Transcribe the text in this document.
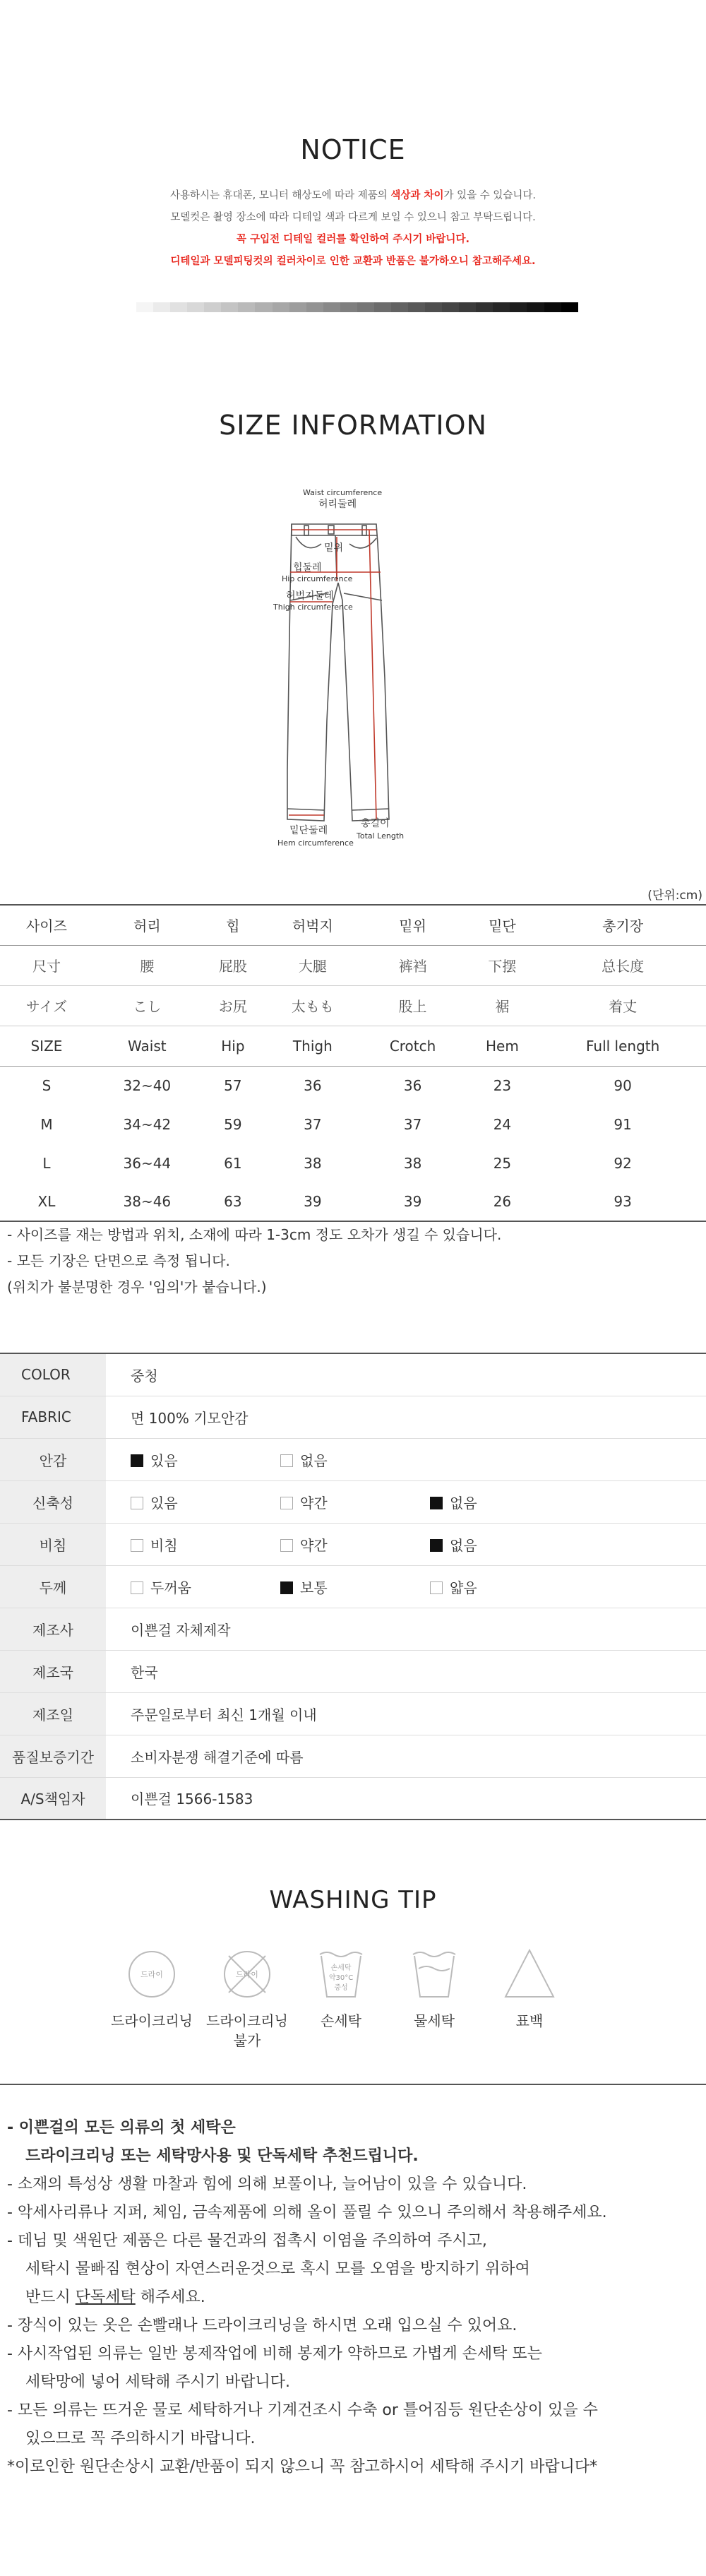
NOTICE
사용하시는 휴대폰, 모니터 해상도에 따라 제품의 색상과 차이가 있을 수 있습니다.
모델컷은 촬영 장소에 따라 디테일 색과 다르게 보일 수 있으니 참고 부탁드립니다.
꼭 구입전 디테일 컬러를 확인하여 주시기 바랍니다.
디테일과 모델피팅컷의 컬러차이로 인한 교환과 반품은 불가하오니 참고해주세요.
SIZE INFORMATION
Waist circumference
허리둘레
밑위
힙둘레
Hip circumference
허벅지둘레
Thigh circumference
밑단둘레
Hem circumference
총길이
Total Length
(단위:cm)
사이즈	허리	힙	허벅지	밑위	밑단	총기장
尺寸	腰	屁股	大腿	裤裆	下摆	总长度
サイズ	こし	お尻	太もも	股上	裾	着丈
SIZE	Waist	Hip	Thigh	Crotch	Hem	Full length
S	32~40	57	36	36	23	90
M	34~42	59	37	37	24	91
L	36~44	61	38	38	25	92
XL	38~46	63	39	39	26	93
- 사이즈를 재는 방법과 위치, 소재에 따라 1-3cm 정도 오차가 생길 수 있습니다.
- 모든 기장은 단면으로 측정 됩니다.
(위치가 불분명한 경우 '임의'가 붙습니다.)
COLOR	중청
FABRIC	면 100% 기모안감
안감	있음 없음
신축성	있음 약간 없음
비침	비침 약간 없음
두께	두꺼움 보통 얇음
제조사	이쁜걸 자체제작
제조국	한국
제조일	주문일로부터 최신 1개월 이내
품질보증기간	소비자분쟁 해결기준에 따름
A/S책임자	이쁜걸 1566-1583
WASHING TIP
드라이
드라이크리닝
드라이
드라이크리닝
불가
손세탁
약30°C
중성
손세탁	물세탁	표백
- 이쁜걸의 모든 의류의 첫 세탁은
드라이크리닝 또는 세탁망사용 및 단독세탁 추천드립니다.
- 소재의 특성상 생활 마찰과 힘에 의해 보풀이나, 늘어남이 있을 수 있습니다.
- 악세사리류나 지퍼, 체임, 금속제품에 의해 올이 풀릴 수 있으니 주의해서 착용해주세요.
- 데님 및 색원단 제품은 다른 물건과의 접촉시 이염을 주의하여 주시고,
세탁시 물빠짐 현상이 자연스러운것으로 혹시 모를 오염을 방지하기 위하여
반드시 단독세탁 해주세요.
- 장식이 있는 옷은 손빨래나 드라이크리닝을 하시면 오래 입으실 수 있어요.
- 사시작업된 의류는 일반 봉제작업에 비해 봉제가 약하므로 가볍게 손세탁 또는
세탁망에 넣어 세탁해 주시기 바랍니다.
- 모든 의류는 뜨거운 물로 세탁하거나 기계건조시 수축 or 틀어짐등 원단손상이 있을 수
있으므로 꼭 주의하시기 바랍니다.
*이로인한 원단손상시 교환/반품이 되지 않으니 꼭 참고하시어 세탁해 주시기 바랍니다*
